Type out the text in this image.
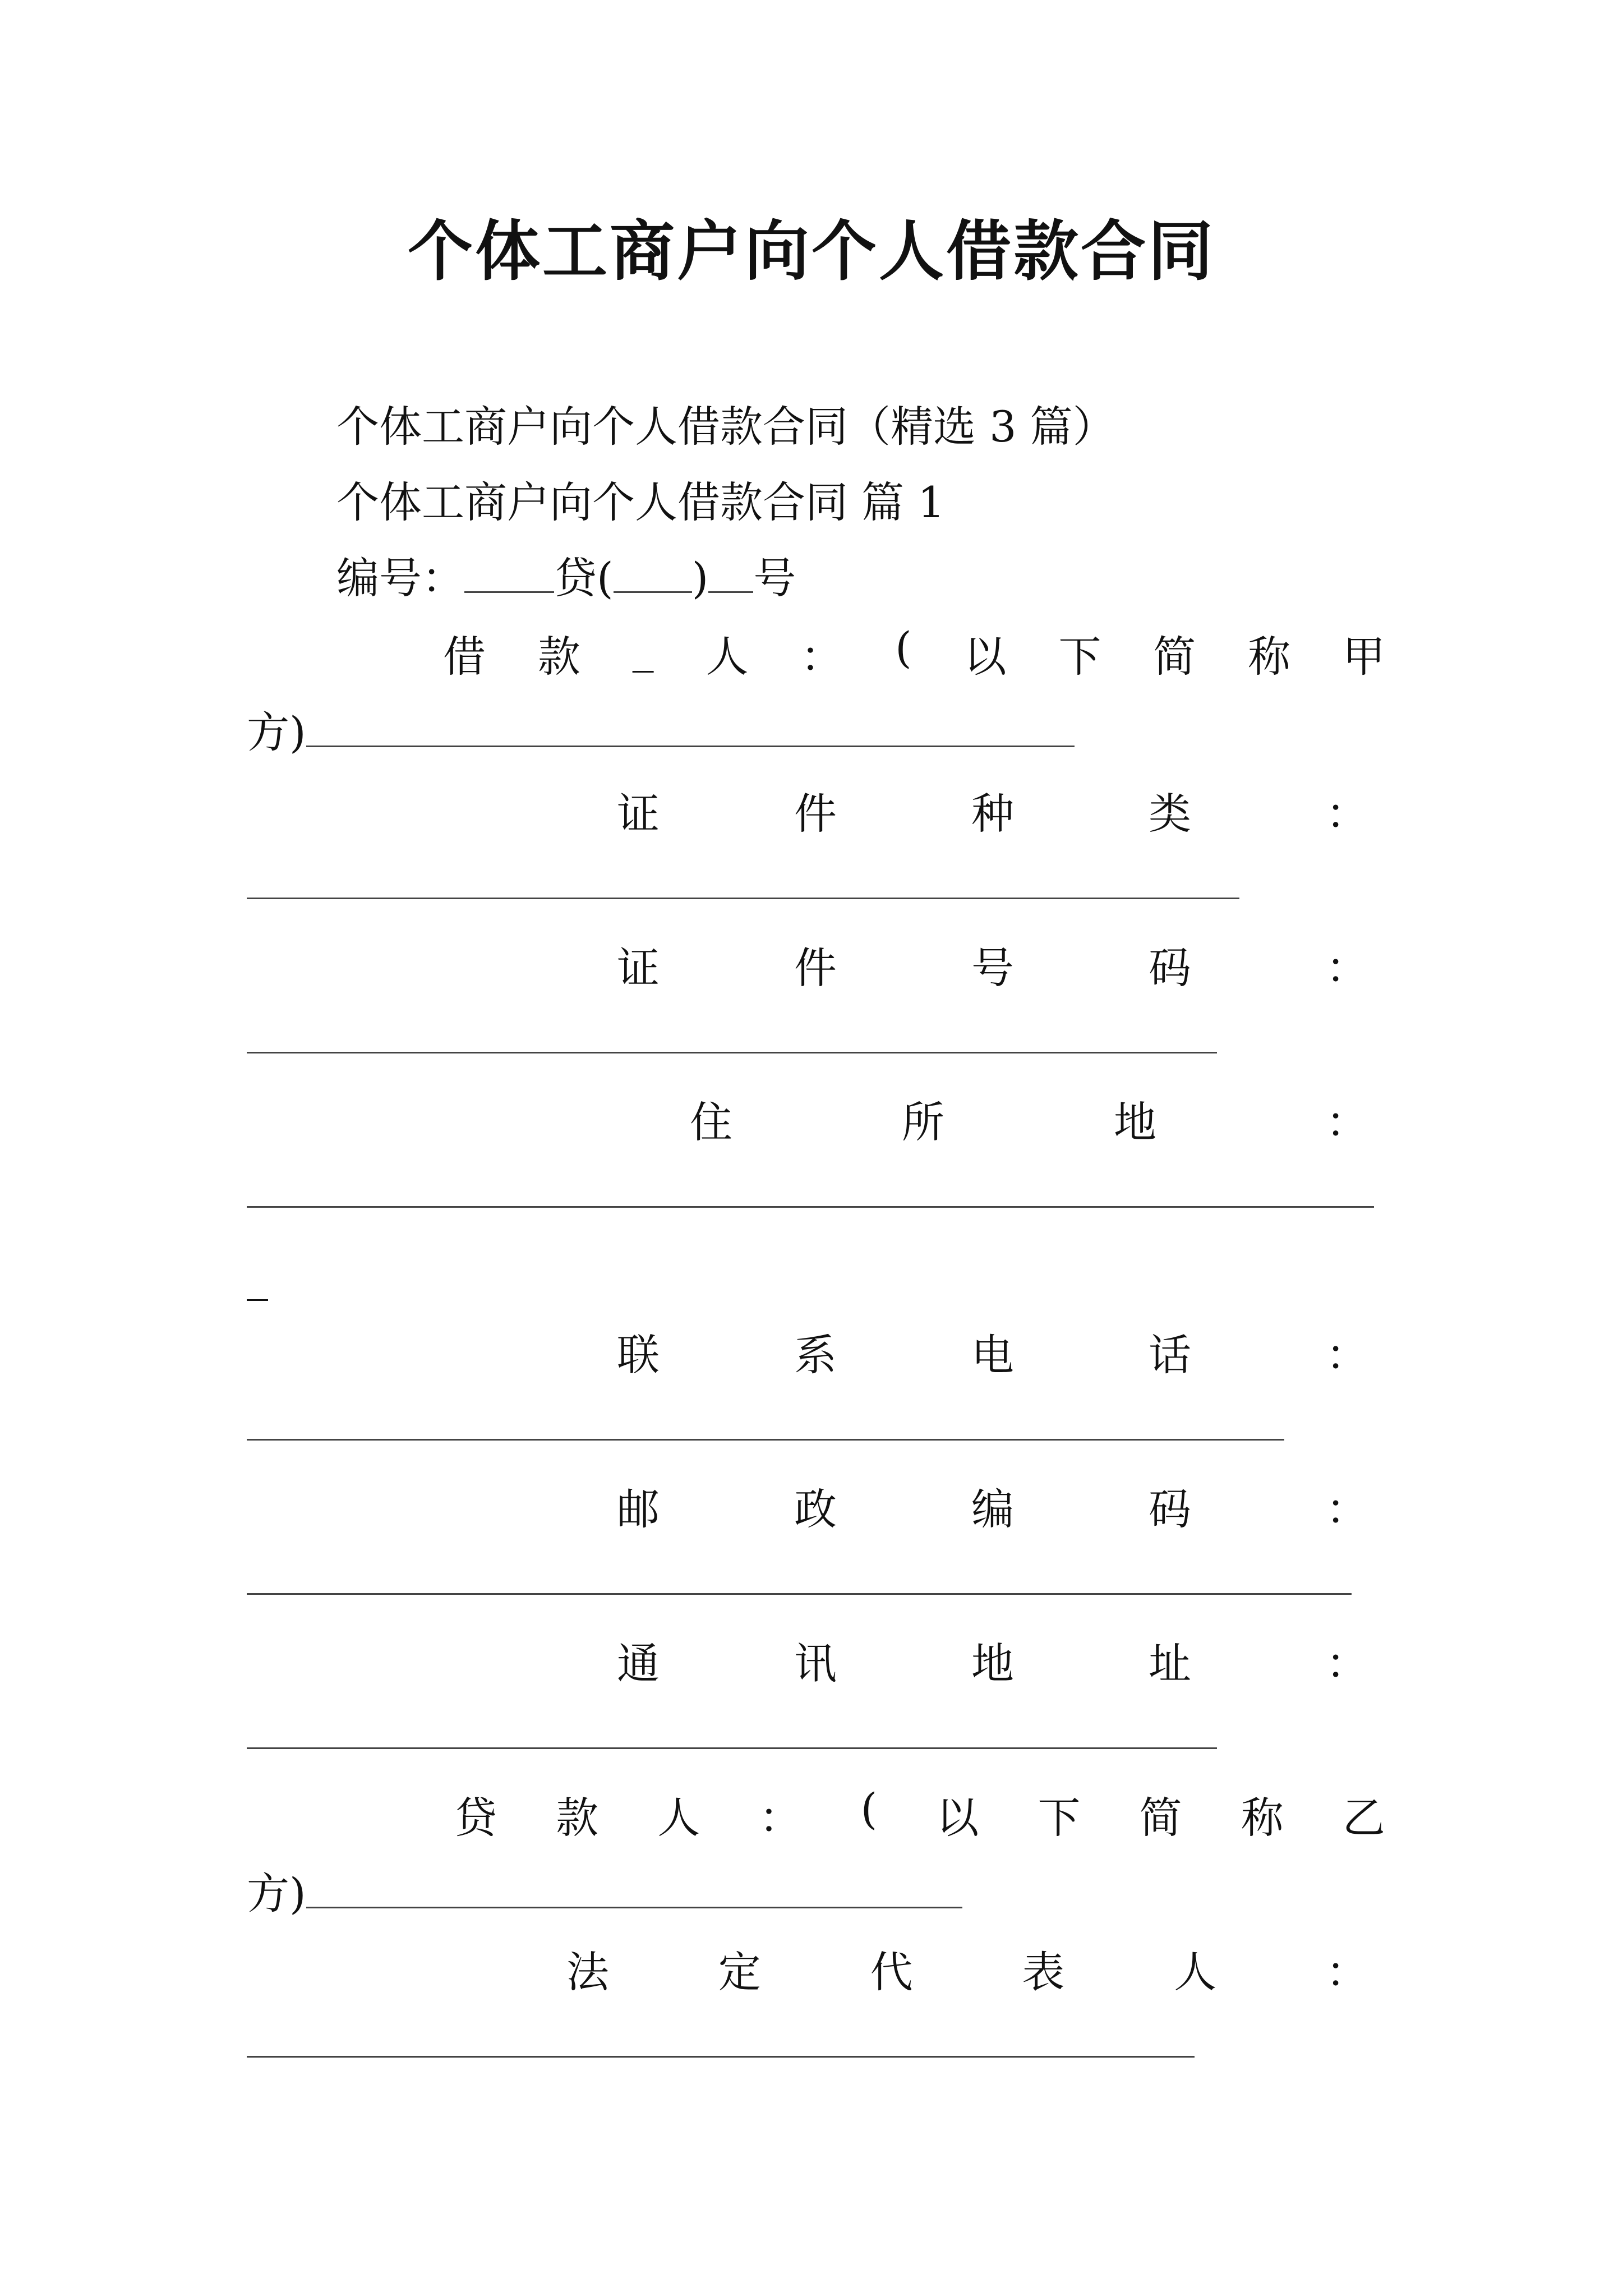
个体工商户向个人借款合同
个体工商户向个人借款合同（精选 3 篇）
个体工商户向个人借款合同 篇 1
编号： 贷( ) 号
借 款 _ 人 ： ( 以 下 简 称 甲
方)
证	件	种	类	：
证	件	号	码	：
住	所	地	：
_
联	系	电	话	：
邮	政	编	码	：
通	讯	地	址	：
贷 款 人 ： ( 以 下 简 称 乙
方)
法	定	代	表	人	：
